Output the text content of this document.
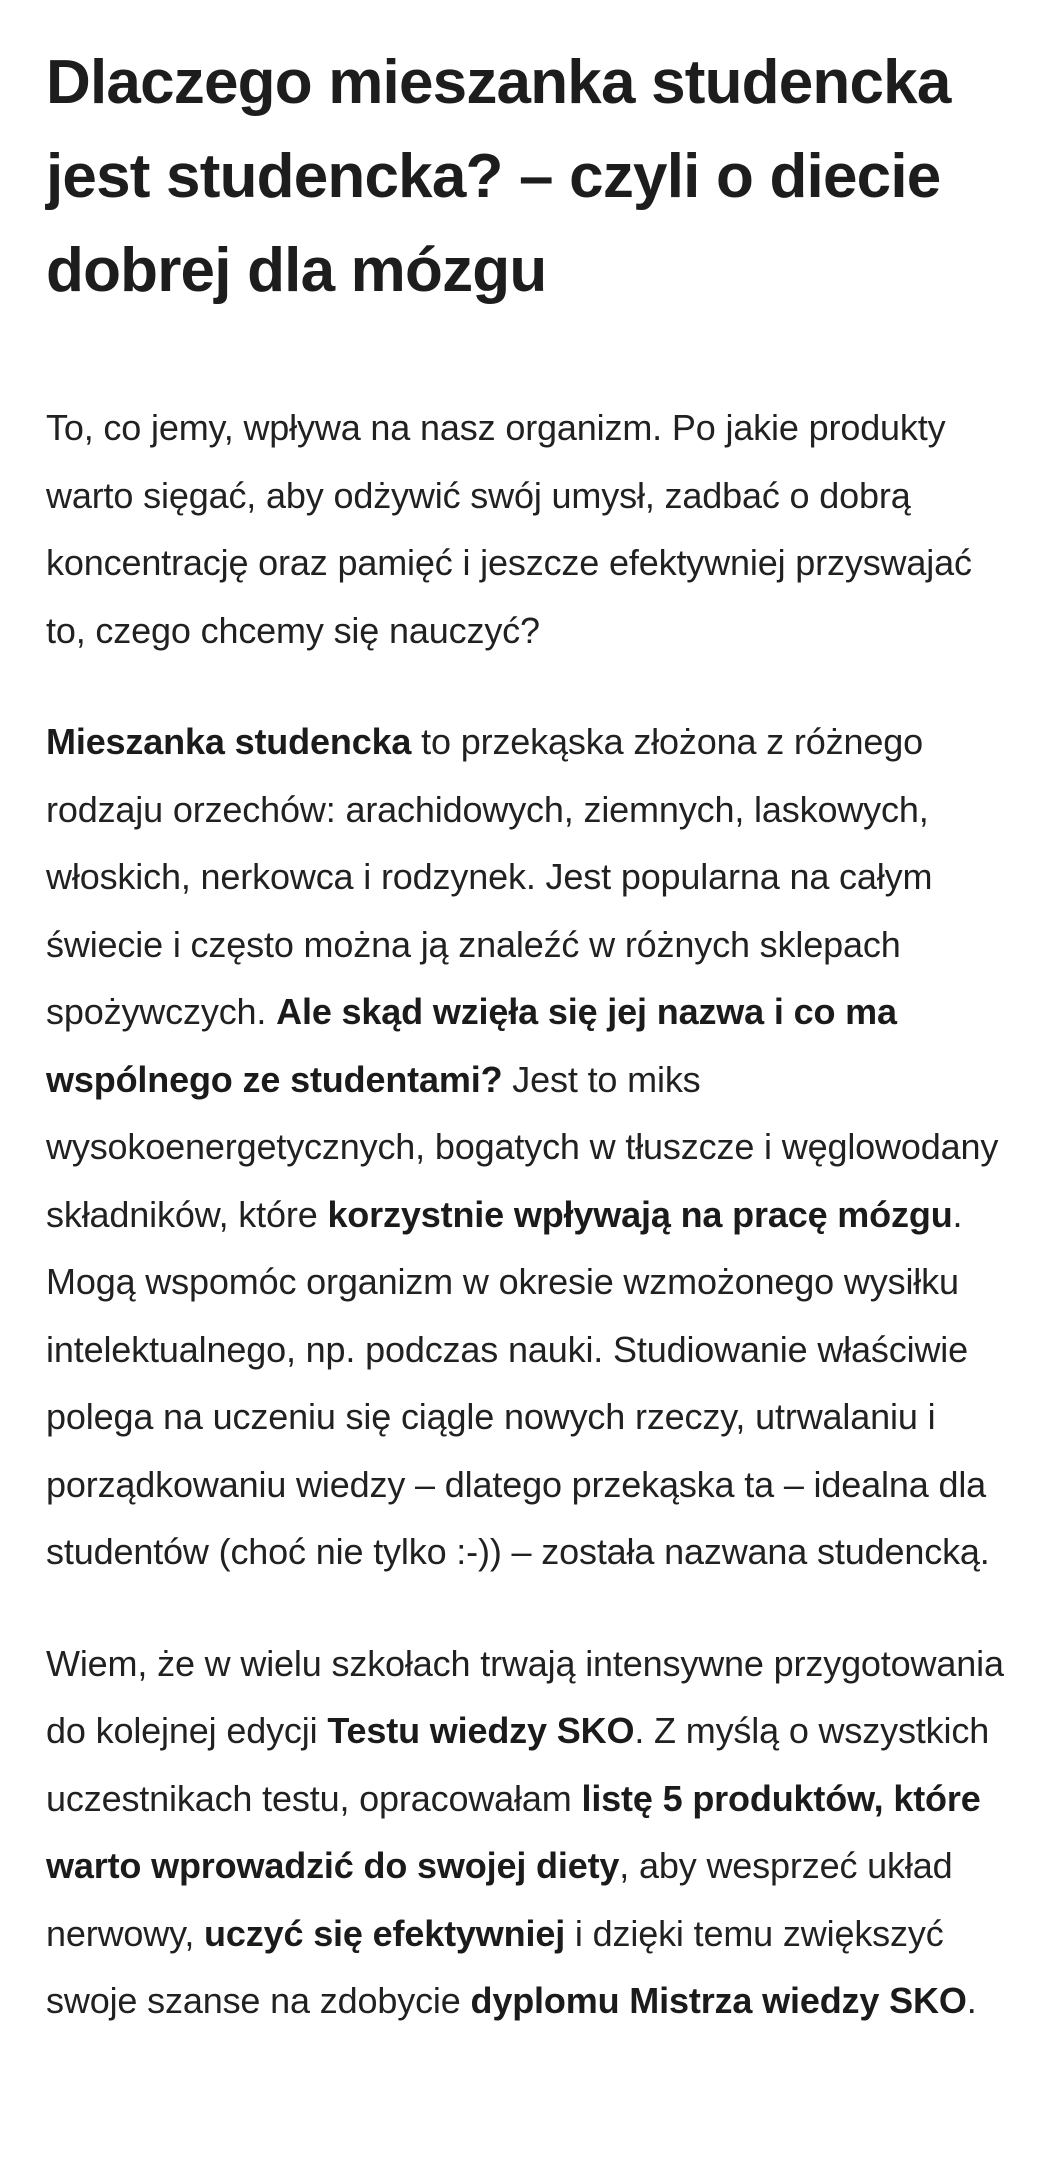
Dlaczego mieszanka studencka jest studencka? – czyli o diecie dobrej dla mózgu

To, co jemy, wpływa na nasz organizm. Po jakie produkty warto sięgać, aby odżywić swój umysł, zadbać o dobrą koncentrację oraz pamięć i jeszcze efektywniej przyswajać to, czego chcemy się nauczyć?

Mieszanka studencka to przekąska złożona z różnego rodzaju orzechów: arachidowych, ziemnych, laskowych, włoskich, nerkowca i rodzynek. Jest popularna na całym świecie i często można ją znaleźć w różnych sklepach spożywczych. Ale skąd wzięła się jej nazwa i co ma wspólnego ze studentami? Jest to miks wysokoenergetycznych, bogatych w tłuszcze i węglowodany składników, które korzystnie wpływają na pracę mózgu. Mogą wspomóc organizm w okresie wzmożonego wysiłku intelektualnego, np. podczas nauki. Studiowanie właściwie polega na uczeniu się ciągle nowych rzeczy, utrwalaniu i porządkowaniu wiedzy – dlatego przekąska ta – idealna dla studentów (choć nie tylko :-)) – została nazwana studencką.

Wiem, że w wielu szkołach trwają intensywne przygotowania do kolejnej edycji Testu wiedzy SKO. Z myślą o wszystkich uczestnikach testu, opracowałam listę 5 produktów, które warto wprowadzić do swojej diety, aby wesprzeć układ nerwowy, uczyć się efektywniej i dzięki temu zwiększyć swoje szanse na zdobycie dyplomu Mistrza wiedzy SKO.
